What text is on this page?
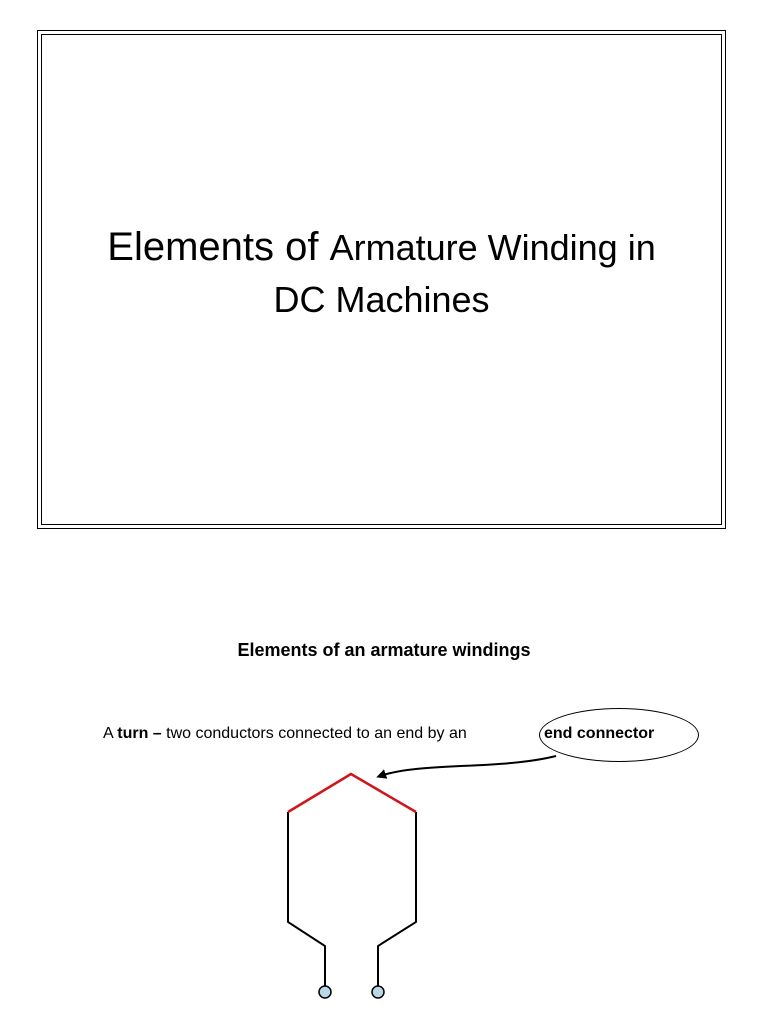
Elements of Armature Winding in
DC Machines
Elements of an armature windings
A turn – two conductors connected to an end by an	end connector
